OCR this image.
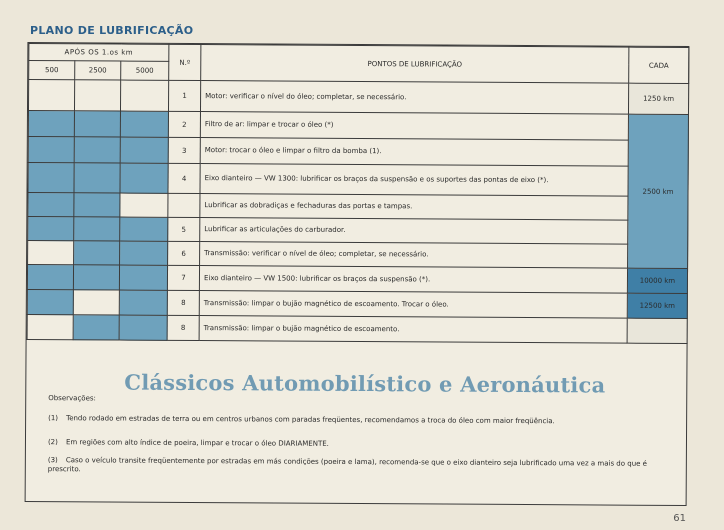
PLANO DE LUBRIFICAÇÃO
APÓS OS 1.os km			N.º	PONTOS DE LUBRIFICAÇÃO	CADA
500	2500	5000			
			1	Motor: verificar o nível do óleo; completar, se necessário.	1250 km
			2	Filtro de ar: limpar e trocar o óleo (*)	2500 km
			3	Motor: trocar o óleo e limpar o filtro da bomba (1).	
			4	Eixo dianteiro — VW 1300: lubrificar os braços da suspensão e os suportes das pontas de eixo (*).	
				Lubrificar as dobradiças e fechaduras das portas e tampas.	
			5	Lubrificar as articulações do carburador.	
			6	Transmissão: verificar o nível de óleo; completar, se necessário.	
			7	Eixo dianteiro — VW 1500: lubrificar os braços da suspensão (*).	10000 km
			8	Transmissão: limpar o bujão magnético de escoamento. Trocar o óleo.	12500 km
			8	Transmissão: limpar o bujão magnético de escoamento.	
Clássicos Automobilístico e Aeronáutica
Observações:
(1) Tendo rodado em estradas de terra ou em centros urbanos com paradas freqüentes, recomendamos a troca do óleo com maior freqüência.
(2) Em regiões com alto índice de poeira, limpar e trocar o óleo DIARIAMENTE.
(3) Caso o veículo transite freqüentemente por estradas em más condições (poeira e lama), recomenda-se que o eixo dianteiro seja lubrificado uma vez a mais do que é prescrito.
61
